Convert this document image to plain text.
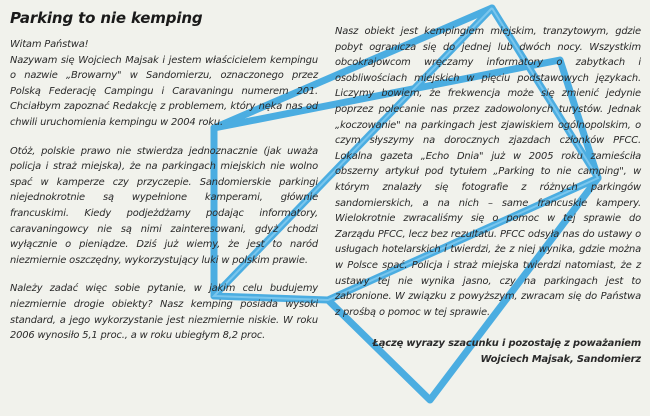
Parking to nie kemping

Witam Państwa!

Nazywam się Wojciech Majsak i jestem właścicielem kempingu o nazwie „Browarny" w Sandomierzu, oznaczonego przez Polską Federację Campingu i Caravaningu numerem 201. Chciałbym zapoznać Redakcję z problemem, który nęka nas od chwili uruchomienia kempingu w 2004 roku.

Otóż, polskie prawo nie stwierdza jednoznacznie (jak uważa policja i straż miejska), że na parkingach miejskich nie wolno spać w kamperze czy przyczepie. Sandomierskie parkingi niejednokrotnie są wypełnione kamperami, głównie francuskimi. Kiedy podjeżdżamy podając informatory, caravaningowcy nie są nimi zainteresowani, gdyż chodzi wyłącznie o pieniądze. Dziś już wiemy, że jest to naród niezmiernie oszczędny, wykorzystujący luki w polskim prawie.

Należy zadać więc sobie pytanie, w jakim celu budujemy niezmiernie drogie obiekty? Nasz kemping posiada wysoki standard, a jego wykorzystanie jest niezmiernie niskie. W roku 2006 wynosiło 5,1 proc., a w roku ubiegłym 8,2 proc.

Nasz obiekt jest kempingiem miejskim, tranzytowym, gdzie pobyt ogranicza się do jednej lub dwóch nocy. Wszystkim obcokrajowcom wręczamy informatory o zabytkach i osobliwościach miejskich w pięciu podstawowych językach. Liczymy bowiem, że frekwencja może się zmienić jedynie poprzez polecanie nas przez zadowolonych turystów. Jednak „koczowanie" na parkingach jest zjawiskiem ogólnopolskim, o czym słyszymy na dorocznych zjazdach członków PFCC. Lokalna gazeta „Echo Dnia" już w 2005 roku zamieściła obszerny artykuł pod tytułem „Parking to nie camping", w którym znalazły się fotografie z różnych parkingów sandomierskich, a na nich – same francuskie kampery. Wielokrotnie zwracaliśmy się o pomoc w tej sprawie do Zarządu PFCC, lecz bez rezultatu. PFCC odsyła nas do ustawy o usługach hotelarskich i twierdzi, że z niej wynika, gdzie można w Polsce spać. Policja i straż miejska twierdzi natomiast, że z ustawy tej nie wynika jasno, czy na parkingach jest to zabronione. W związku z powyższym, zwracam się do Państwa z prośbą o pomoc w tej sprawie.

Łączę wyrazy szacunku i pozostaję z poważaniem
Wojciech Majsak, Sandomierz
